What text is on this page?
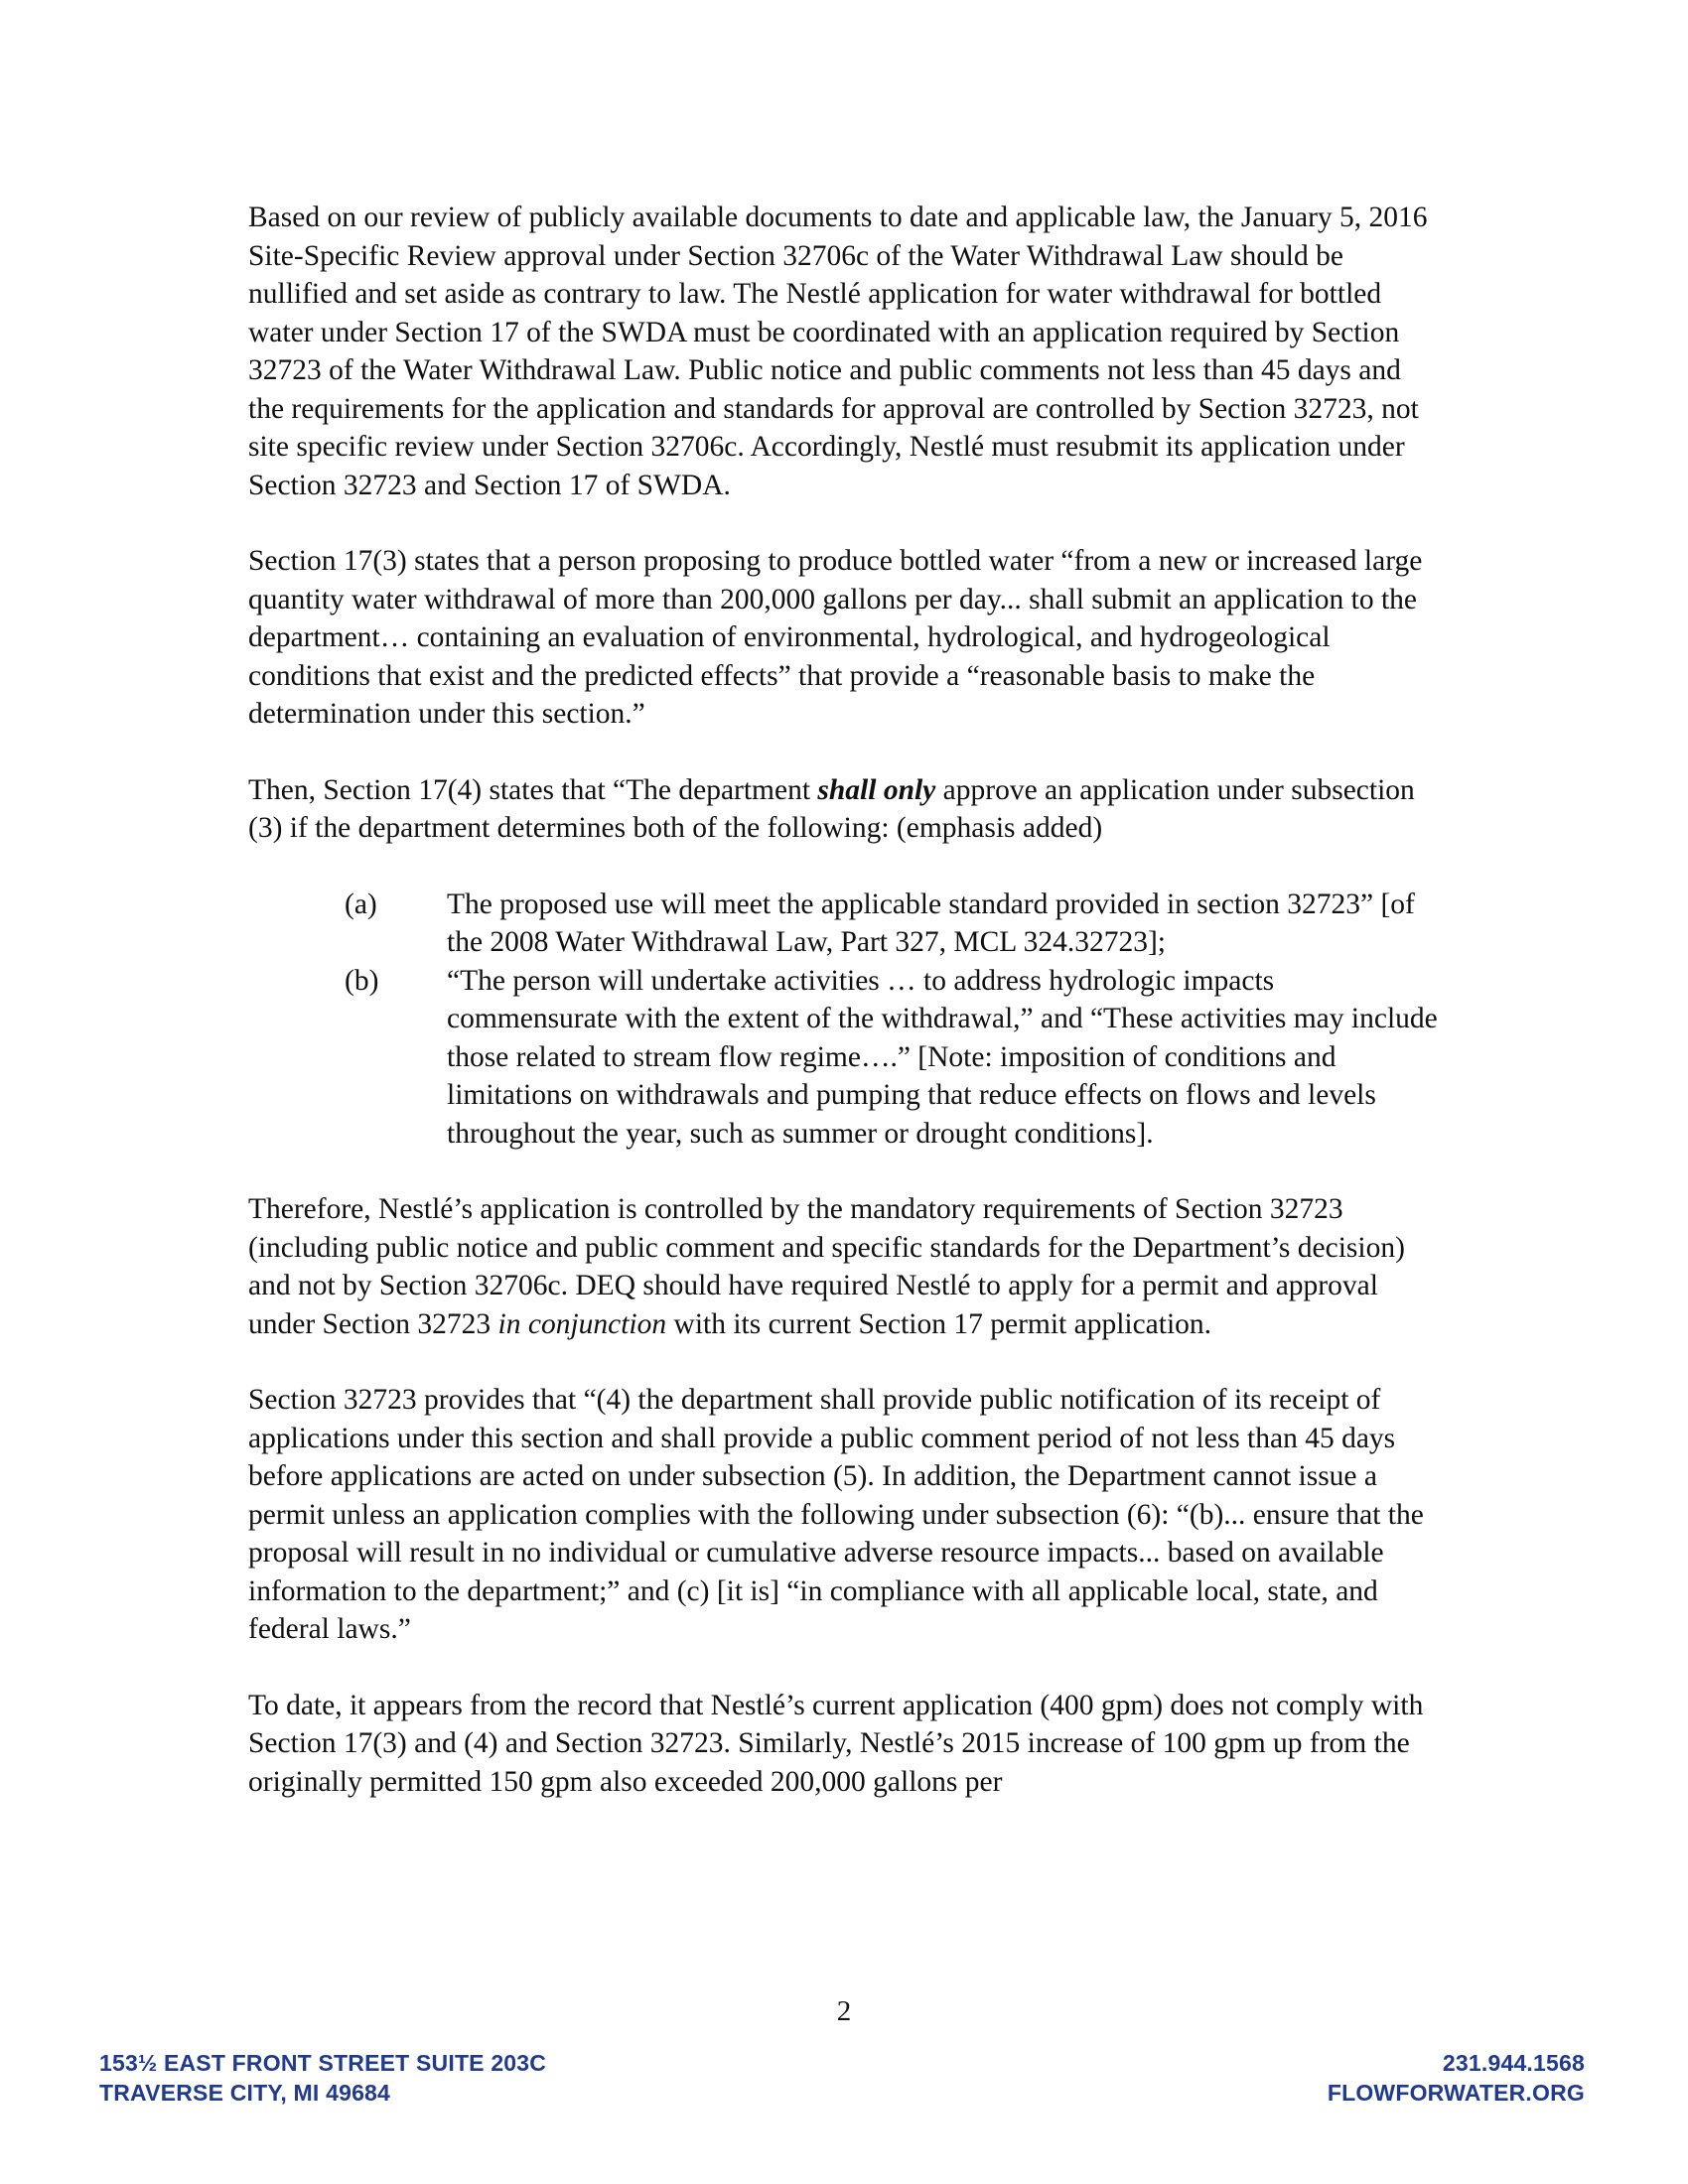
Based on our review of publicly available documents to date and applicable law, the January 5, 2016 Site-Specific Review approval under Section 32706c of the Water Withdrawal Law should be nullified and set aside as contrary to law. The Nestlé application for water withdrawal for bottled water under Section 17 of the SWDA must be coordinated with an application required by Section 32723 of the Water Withdrawal Law. Public notice and public comments not less than 45 days and the requirements for the application and standards for approval are controlled by Section 32723, not site specific review under Section 32706c. Accordingly, Nestlé must resubmit its application under Section 32723 and Section 17 of SWDA.

Section 17(3) states that a person proposing to produce bottled water “from a new or increased large quantity water withdrawal of more than 200,000 gallons per day... shall submit an application to the department… containing an evaluation of environmental, hydrological, and hydrogeological conditions that exist and the predicted effects” that provide a “reasonable basis to make the determination under this section.”

Then, Section 17(4) states that “The department shall only approve an application under subsection (3) if the department determines both of the following: (emphasis added)

(a)	The proposed use will meet the applicable standard provided in section 32723” [of the 2008 Water Withdrawal Law, Part 327, MCL 324.32723];
(b)	“The person will undertake activities … to address hydrologic impacts commensurate with the extent of the withdrawal,” and “These activities may include those related to stream flow regime….” [Note: imposition of conditions and limitations on withdrawals and pumping that reduce effects on flows and levels throughout the year, such as summer or drought conditions].

Therefore, Nestlé’s application is controlled by the mandatory requirements of Section 32723 (including public notice and public comment and specific standards for the Department’s decision) and not by Section 32706c. DEQ should have required Nestlé to apply for a permit and approval under Section 32723 in conjunction with its current Section 17 permit application.

Section 32723 provides that “(4) the department shall provide public notification of its receipt of applications under this section and shall provide a public comment period of not less than 45 days before applications are acted on under subsection (5). In addition, the Department cannot issue a permit unless an application complies with the following under subsection (6): “(b)... ensure that the proposal will result in no individual or cumulative adverse resource impacts... based on available information to the department;” and (c) [it is] “in compliance with all applicable local, state, and federal laws.”

To date, it appears from the record that Nestlé’s current application (400 gpm) does not comply with Section 17(3) and (4) and Section 32723. Similarly, Nestlé’s 2015 increase of 100 gpm up from the originally permitted 150 gpm also exceeded 200,000 gallons per

2
153½ EAST FRONT STREET SUITE 203C
TRAVERSE CITY, MI 49684
231.944.1568
FLOWFORWATER.ORG
